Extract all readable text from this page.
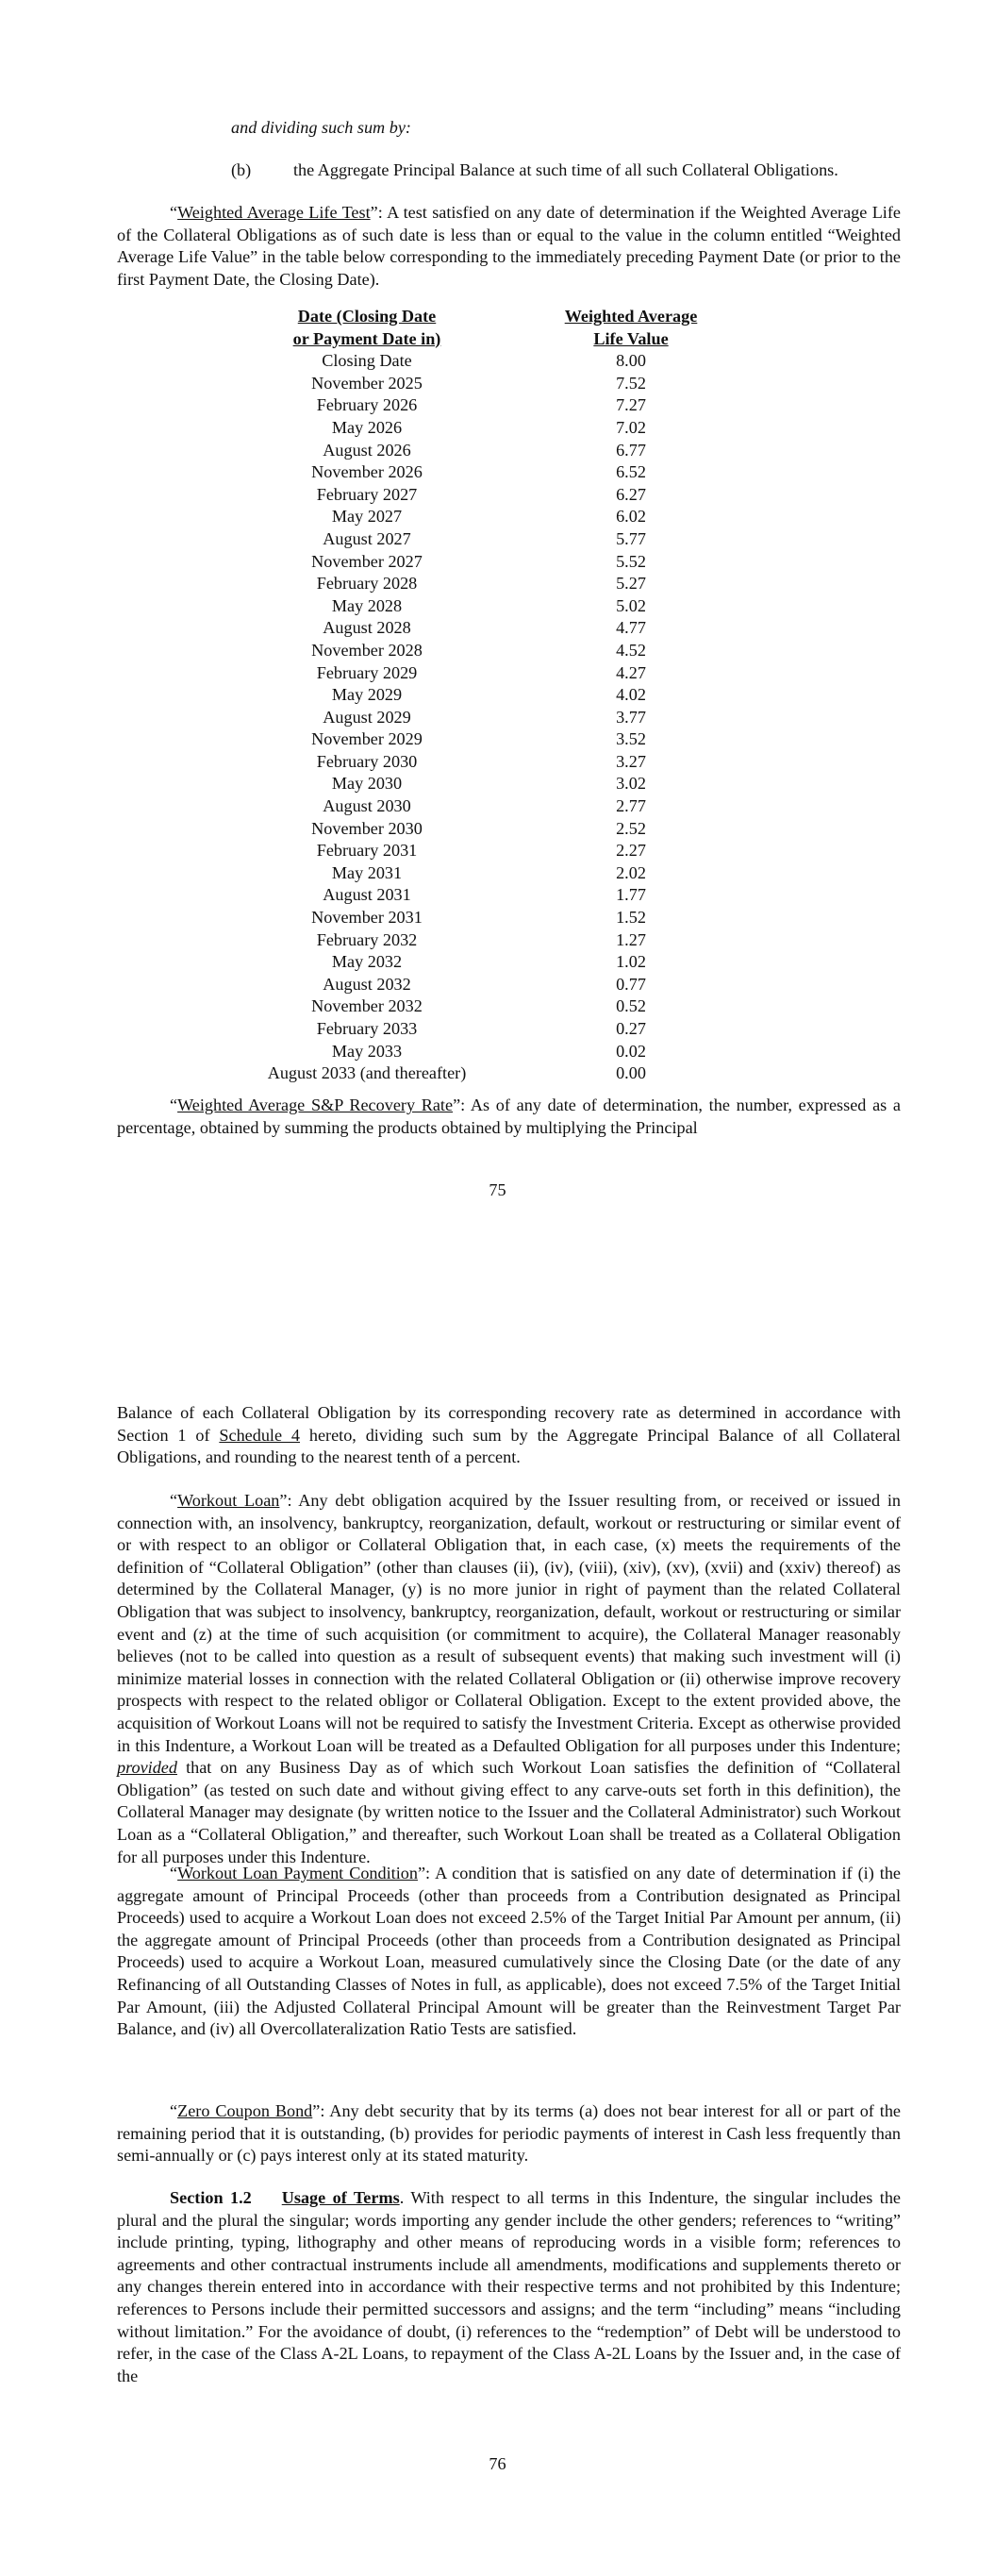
and dividing such sum by:
(b) the Aggregate Principal Balance at such time of all such Collateral Obligations.

“Weighted Average Life Test”: A test satisfied on any date of determination if the Weighted Average Life of the Collateral Obligations as of such date is less than or equal to the value in the column entitled “Weighted Average Life Value” in the table below corresponding to the immediately preceding Payment Date (or prior to the first Payment Date, the Closing Date).

Date (Closing Date
or Payment Date in)	Weighted Average
Life Value
Closing Date	8.00
November 2025	7.52
February 2026	7.27
May 2026	7.02
August 2026	6.77
November 2026	6.52
February 2027	6.27
May 2027	6.02
August 2027	5.77
November 2027	5.52
February 2028	5.27
May 2028	5.02
August 2028	4.77
November 2028	4.52
February 2029	4.27
May 2029	4.02
August 2029	3.77
November 2029	3.52
February 2030	3.27
May 2030	3.02
August 2030	2.77
November 2030	2.52
February 2031	2.27
May 2031	2.02
August 2031	1.77
November 2031	1.52
February 2032	1.27
May 2032	1.02
August 2032	0.77
November 2032	0.52
February 2033	0.27
May 2033	0.02
August 2033 (and thereafter)	0.00

“Weighted Average S&P Recovery Rate”: As of any date of determination, the number, expressed as a percentage, obtained by summing the products obtained by multiplying the Principal

75

Balance of each Collateral Obligation by its corresponding recovery rate as determined in accordance with Section 1 of Schedule 4 hereto, dividing such sum by the Aggregate Principal Balance of all Collateral Obligations, and rounding to the nearest tenth of a percent.

“Workout Loan”: Any debt obligation acquired by the Issuer resulting from, or received or issued in connection with, an insolvency, bankruptcy, reorganization, default, workout or restructuring or similar event of or with respect to an obligor or Collateral Obligation that, in each case, (x) meets the requirements of the definition of “Collateral Obligation” (other than clauses (ii), (iv), (viii), (xiv), (xv), (xvii) and (xxiv) thereof) as determined by the Collateral Manager, (y) is no more junior in right of payment than the related Collateral Obligation that was subject to insolvency, bankruptcy, reorganization, default, workout or restructuring or similar event and (z) at the time of such acquisition (or commitment to acquire), the Collateral Manager reasonably believes (not to be called into question as a result of subsequent events) that making such investment will (i) minimize material losses in connection with the related Collateral Obligation or (ii) otherwise improve recovery prospects with respect to the related obligor or Collateral Obligation. Except to the extent provided above, the acquisition of Workout Loans will not be required to satisfy the Investment Criteria. Except as otherwise provided in this Indenture, a Workout Loan will be treated as a Defaulted Obligation for all purposes under this Indenture; provided that on any Business Day as of which such Workout Loan satisfies the definition of “Collateral Obligation” (as tested on such date and without giving effect to any carve-outs set forth in this definition), the Collateral Manager may designate (by written notice to the Issuer and the Collateral Administrator) such Workout Loan as a “Collateral Obligation,” and thereafter, such Workout Loan shall be treated as a Collateral Obligation for all purposes under this Indenture.

“Workout Loan Payment Condition”: A condition that is satisfied on any date of determination if (i) the aggregate amount of Principal Proceeds (other than proceeds from a Contribution designated as Principal Proceeds) used to acquire a Workout Loan does not exceed 2.5% of the Target Initial Par Amount per annum, (ii) the aggregate amount of Principal Proceeds (other than proceeds from a Contribution designated as Principal Proceeds) used to acquire a Workout Loan, measured cumulatively since the Closing Date (or the date of any Refinancing of all Outstanding Classes of Notes in full, as applicable), does not exceed 7.5% of the Target Initial Par Amount, (iii) the Adjusted Collateral Principal Amount will be greater than the Reinvestment Target Par Balance, and (iv) all Overcollateralization Ratio Tests are satisfied.

“Zero Coupon Bond”: Any debt security that by its terms (a) does not bear interest for all or part of the remaining period that it is outstanding, (b) provides for periodic payments of interest in Cash less frequently than semi-annually or (c) pays interest only at its stated maturity.

Section 1.2 Usage of Terms. With respect to all terms in this Indenture, the singular includes the plural and the plural the singular; words importing any gender include the other genders; references to “writing” include printing, typing, lithography and other means of reproducing words in a visible form; references to agreements and other contractual instruments include all amendments, modifications and supplements thereto or any changes therein entered into in accordance with their respective terms and not prohibited by this Indenture; references to Persons include their permitted successors and assigns; and the term “including” means “including without limitation.” For the avoidance of doubt, (i) references to the “redemption” of Debt will be understood to refer, in the case of the Class A-2L Loans, to repayment of the Class A-2L Loans by the Issuer and, in the case of the

76
